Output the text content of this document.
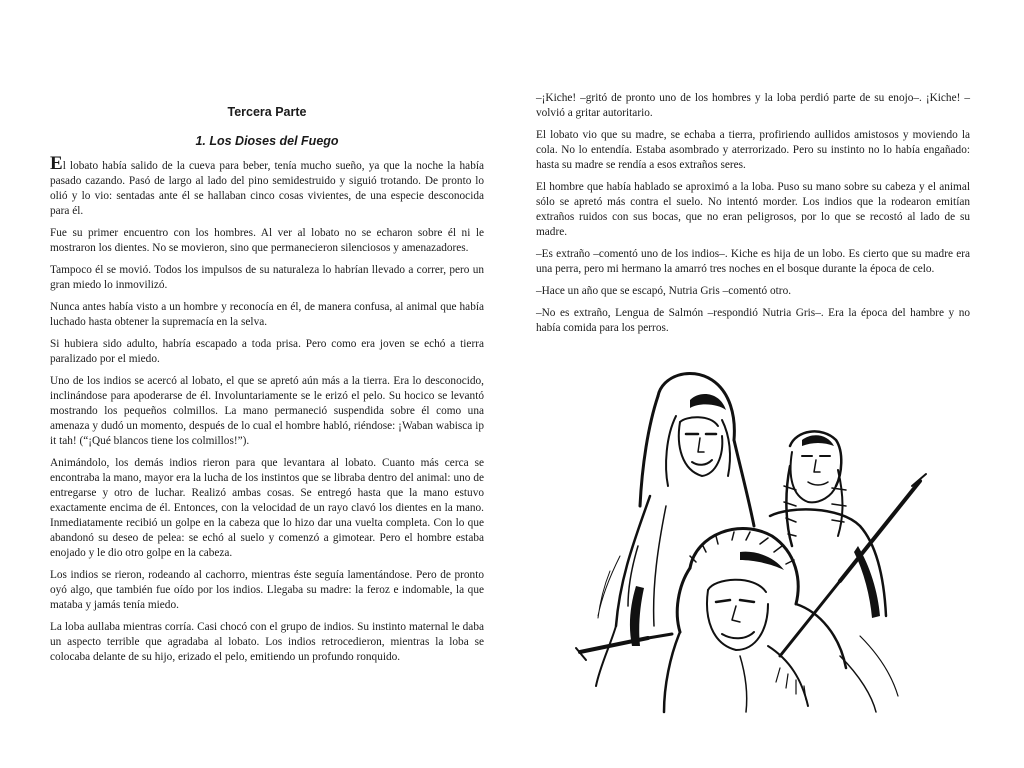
Tercera Parte
1. Los Dioses del Fuego

El lobato había salido de la cueva para beber, tenía mucho sueño, ya que la noche la había pasado cazando. Pasó de largo al lado del pino semidestruido y siguió trotando. De pronto lo olió y lo vio: sentadas ante él se hallaban cinco cosas vivientes, de una especie desconocida para él.

Fue su primer encuentro con los hombres. Al ver al lobato no se echaron sobre él ni le mostraron los dientes. No se movieron, sino que permanecieron silenciosos y amenazadores.

Tampoco él se movió. Todos los impulsos de su naturaleza lo habrían llevado a correr, pero un gran miedo lo inmovilizó.

Nunca antes había visto a un hombre y reconocía en él, de manera confusa, al animal que había luchado hasta obtener la supremacía en la selva.

Si hubiera sido adulto, habría escapado a toda prisa. Pero como era joven se echó a tierra paralizado por el miedo.

Uno de los indios se acercó al lobato, el que se apretó aún más a la tierra. Era lo desconocido, inclinándose para apoderarse de él. Involuntariamente se le erizó el pelo. Su hocico se levantó mostrando los pequeños colmillos. La mano permaneció suspendida sobre él como una amenaza y dudó un momento, después de lo cual el hombre habló, riéndose: ¡Waban wabisca ip it tah! (“¡Qué blancos tiene los colmillos!”).

Animándolo, los demás indios rieron para que levantara al lobato. Cuanto más cerca se encontraba la mano, mayor era la lucha de los instintos que se libraba dentro del animal: uno de entregarse y otro de luchar. Realizó ambas cosas. Se entregó hasta que la mano estuvo exactamente encima de él. Entonces, con la velocidad de un rayo clavó los dientes en la mano. Inmediatamente recibió un golpe en la cabeza que lo hizo dar una vuelta completa. Con lo que abandonó su deseo de pelea: se echó al suelo y comenzó a gimotear. Pero el hombre estaba enojado y le dio otro golpe en la cabeza.

Los indios se rieron, rodeando al cachorro, mientras éste seguía lamentándose. Pero de pronto oyó algo, que también fue oído por los indios. Llegaba su madre: la feroz e indomable, la que mataba y jamás tenía miedo.

La loba aullaba mientras corría. Casi chocó con el grupo de indios. Su instinto maternal le daba un aspecto terrible que agradaba al lobato. Los indios retrocedieron, mientras la loba se colocaba delante de su hijo, erizado el pelo, emitiendo un profundo ronquido.

–¡Kiche! –gritó de pronto uno de los hombres y la loba perdió parte de su enojo–. ¡Kiche! –volvió a gritar autoritario.

El lobato vio que su madre, se echaba a tierra, profiriendo aullidos amistosos y moviendo la cola. No lo entendía. Estaba asombrado y aterrorizado. Pero su instinto no lo había engañado: hasta su madre se rendía a esos extraños seres.

El hombre que había hablado se aproximó a la loba. Puso su mano sobre su cabeza y el animal sólo se apretó más contra el suelo. No intentó morder. Los indios que la rodearon emitían extraños ruidos con sus bocas, que no eran peligrosos, por lo que se recostó al lado de su madre.

–Es extraño –comentó uno de los indios–. Kiche es hija de un lobo. Es cierto que su madre era una perra, pero mi hermano la amarró tres noches en el bosque durante la época de celo.

–Hace un año que se escapó, Nutria Gris –comentó otro.

–No es extraño, Lengua de Salmón –respondió Nutria Gris–. Era la época del hambre y no había comida para los perros.
